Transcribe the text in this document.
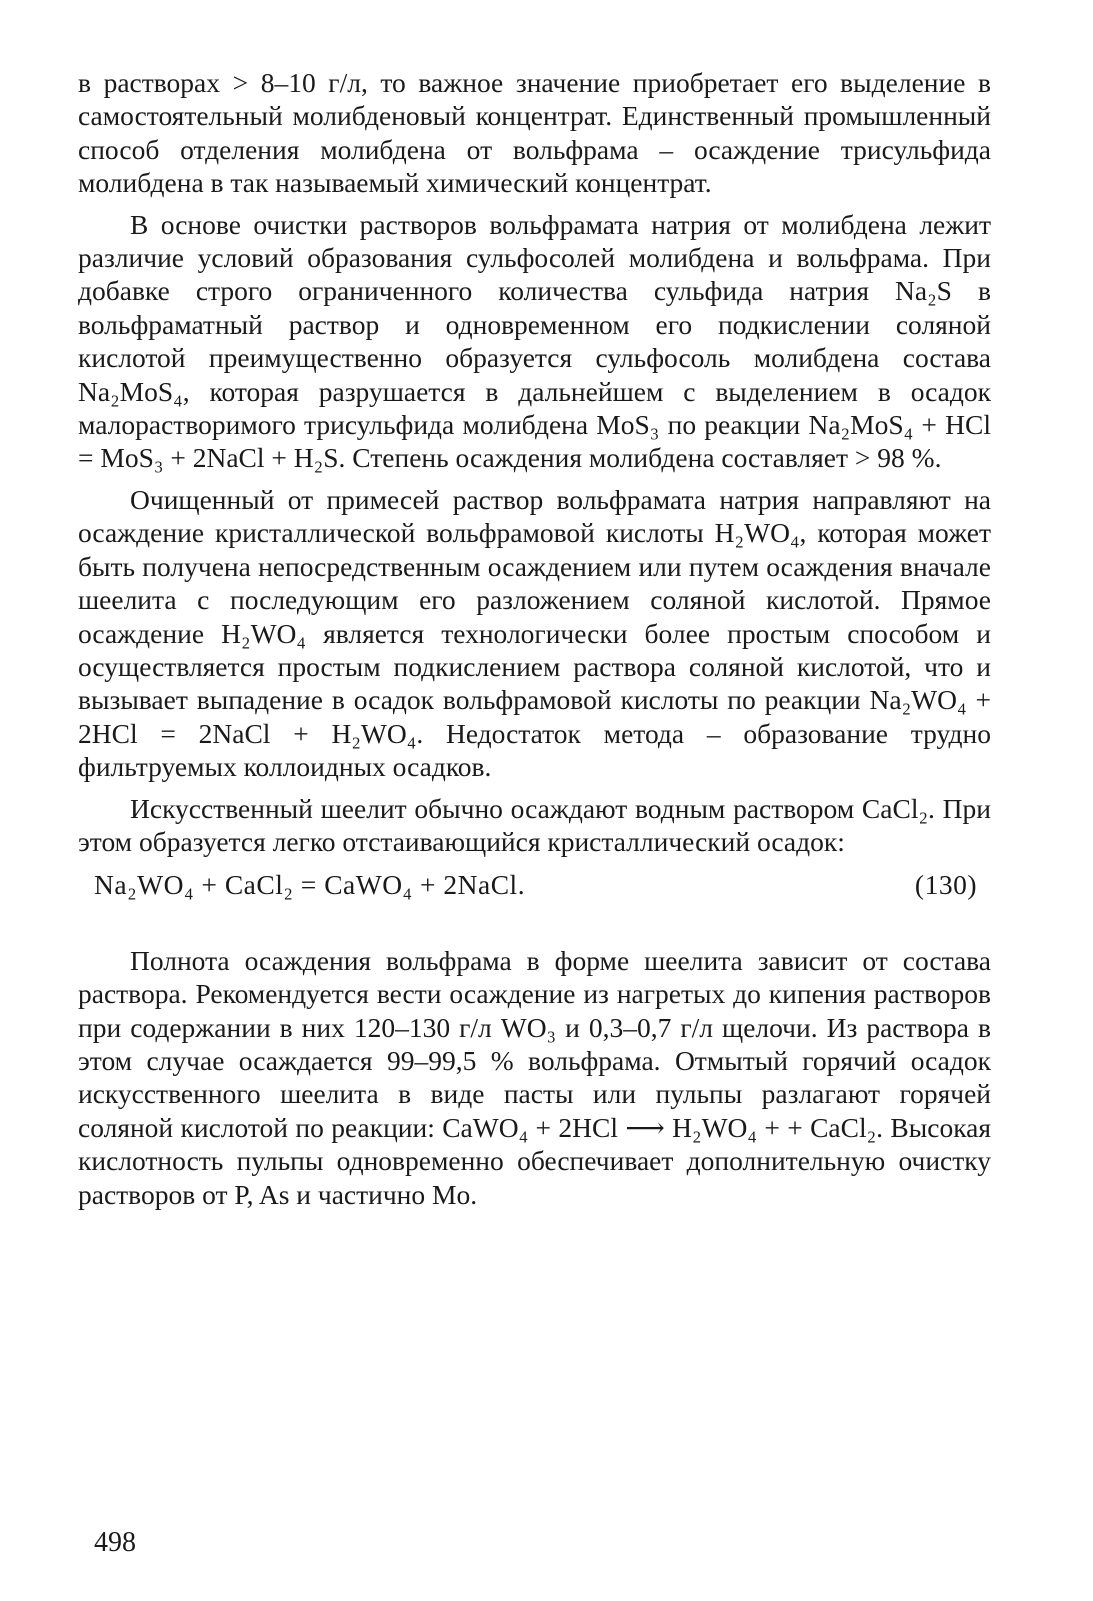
в растворах > 8–10 г/л, то важное значение приобретает его выделение в самостоятельный молибденовый концентрат. Единственный промышленный способ отделения молибдена от вольфрама – осаждение трисульфида молибдена в так называемый химический концентрат.

В основе очистки растворов вольфрамата натрия от молибдена лежит различие условий образования сульфосолей молибдена и вольфрама. При добавке строго ограниченного количества сульфида натрия Na₂S в вольфраматный раствор и одновременном его подкислении соляной кислотой преимущественно образуется сульфосоль молибдена состава Na₂MoS₄, которая разрушается в дальнейшем с выделением в осадок малорастворимого трисульфида молибдена MoS₃ по реакции Na₂MoS₄ + HCl = MoS₃ + 2NaCl + H₂S. Степень осаждения молибдена составляет > 98 %.

Очищенный от примесей раствор вольфрамата натрия направляют на осаждение кристаллической вольфрамовой кислоты H₂WO₄, которая может быть получена непосредственным осаждением или путем осаждения вначале шеелита с последующим его разложением соляной кислотой. Прямое осаждение H₂WO₄ является технологически более простым способом и осуществляется простым подкислением раствора соляной кислотой, что и вызывает выпадение в осадок вольфрамовой кислоты по реакции Na₂WO₄ + 2HCl = 2NaCl + H₂WO₄. Недостаток метода – образование трудно фильтруемых коллоидных осадков.

Искусственный шеелит обычно осаждают водным раствором CaCl₂. При этом образуется легко отстаивающийся кристаллический осадок:

Na₂WO₄ + CaCl₂ = CaWO₄ + 2NaCl.	(130)

Полнота осаждения вольфрама в форме шеелита зависит от состава раствора. Рекомендуется вести осаждение из нагретых до кипения растворов при содержании в них 120–130 г/л WO₃ и 0,3–0,7 г/л щелочи. Из раствора в этом случае осаждается 99–99,5 % вольфрама. Отмытый горячий осадок искусственного шеелита в виде пасты или пульпы разлагают горячей соляной кислотой по реакции: CaWO₄ + 2HCl ⟶ H₂WO₄ + + CaCl₂. Высокая кислотность пульпы одновременно обеспечивает дополнительную очистку растворов от P, As и частично Mo.

498
